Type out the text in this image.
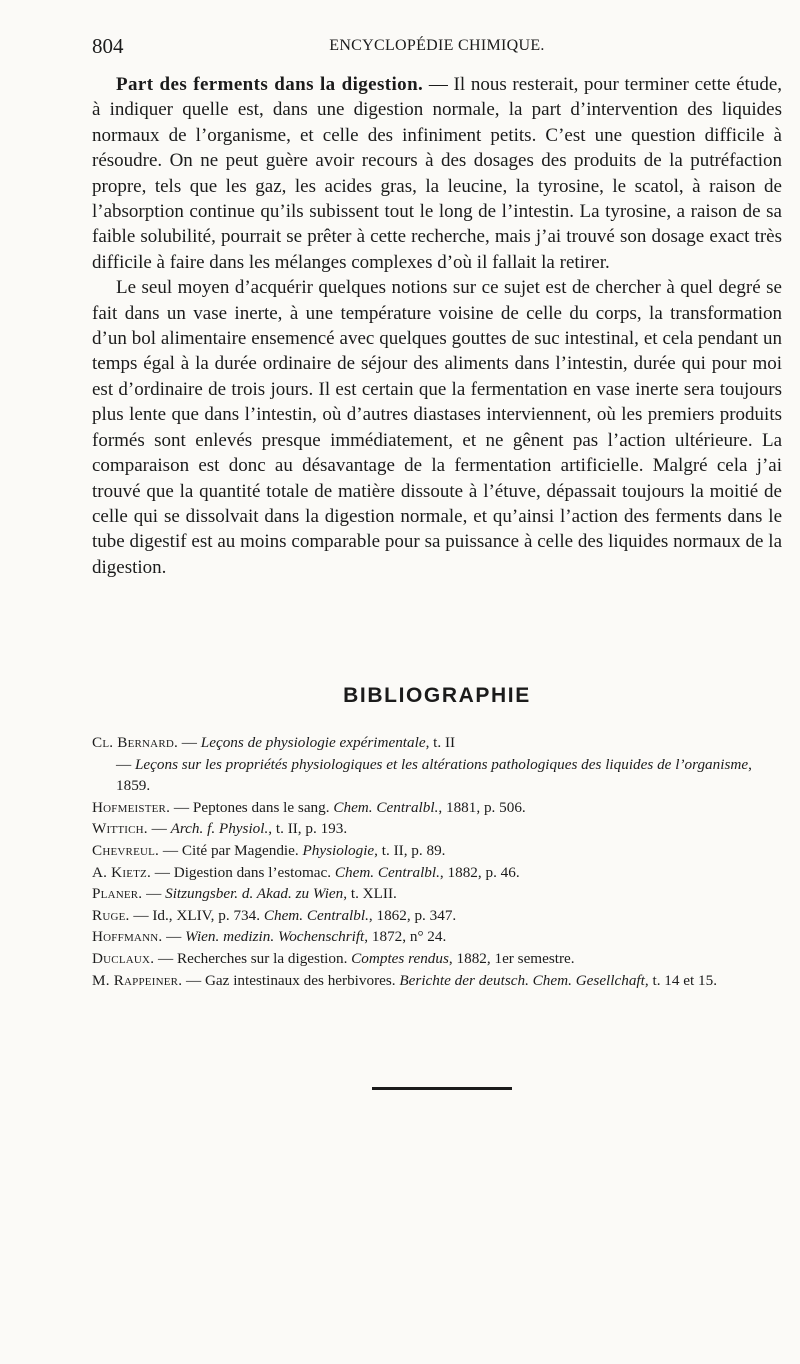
804	ENCYCLOPÉDIE CHIMIQUE.

Part des ferments dans la digestion. — Il nous resterait, pour terminer cette étude, à indiquer quelle est, dans une digestion normale, la part d’intervention des liquides normaux de l’organisme, et celle des infiniment petits. C’est une question difficile à résoudre. On ne peut guère avoir recours à des dosages des produits de la putréfaction propre, tels que les gaz, les acides gras, la leucine, la tyrosine, le scatol, à raison de l’absorption continue qu’ils subissent tout le long de l’intestin. La tyrosine, a raison de sa faible solubilité, pourrait se prêter à cette recherche, mais j’ai trouvé son dosage exact très difficile à faire dans les mélanges complexes d’où il fallait la retirer.

Le seul moyen d’acquérir quelques notions sur ce sujet est de chercher à quel degré se fait dans un vase inerte, à une température voisine de celle du corps, la transformation d’un bol alimentaire ensemencé avec quelques gouttes de suc intestinal, et cela pendant un temps égal à la durée ordinaire de séjour des aliments dans l’intestin, durée qui pour moi est d’ordinaire de trois jours. Il est certain que la fermentation en vase inerte sera toujours plus lente que dans l’intestin, où d’autres diastases interviennent, où les premiers produits formés sont enlevés presque immédiatement, et ne gênent pas l’action ultérieure. La comparaison est donc au désavantage de la fermentation artificielle. Malgré cela j’ai trouvé que la quantité totale de matière dissoute à l’étuve, dépassait toujours la moitié de celle qui se dissolvait dans la digestion normale, et qu’ainsi l’action des ferments dans le tube digestif est au moins comparable pour sa puissance à celle des liquides normaux de la digestion.

BIBLIOGRAPHIE

Cl. Bernard. — Leçons de physiologie expérimentale, t. II

— Leçons sur les propriétés physiologiques et les altérations pathologiques des liquides de l’organisme, 1859.

Hofmeister. — Peptones dans le sang. Chem. Centralbl., 1881, p. 506.

Wittich. — Arch. f. Physiol., t. II, p. 193.

Chevreul. — Cité par Magendie. Physiologie, t. II, p. 89.

A. Kietz. — Digestion dans l’estomac. Chem. Centralbl., 1882, p. 46.

Planer. — Sitzungsber. d. Akad. zu Wien, t. XLII.

Ruge. — Id., XLIV, p. 734. Chem. Centralbl., 1862, p. 347.

Hoffmann. — Wien. medizin. Wochenschrift, 1872, n° 24.

Duclaux. — Recherches sur la digestion. Comptes rendus, 1882, 1er semestre.

M. Rappeiner. — Gaz intestinaux des herbivores. Berichte der deutsch. Chem. Gesellchaft, t. 14 et 15.
